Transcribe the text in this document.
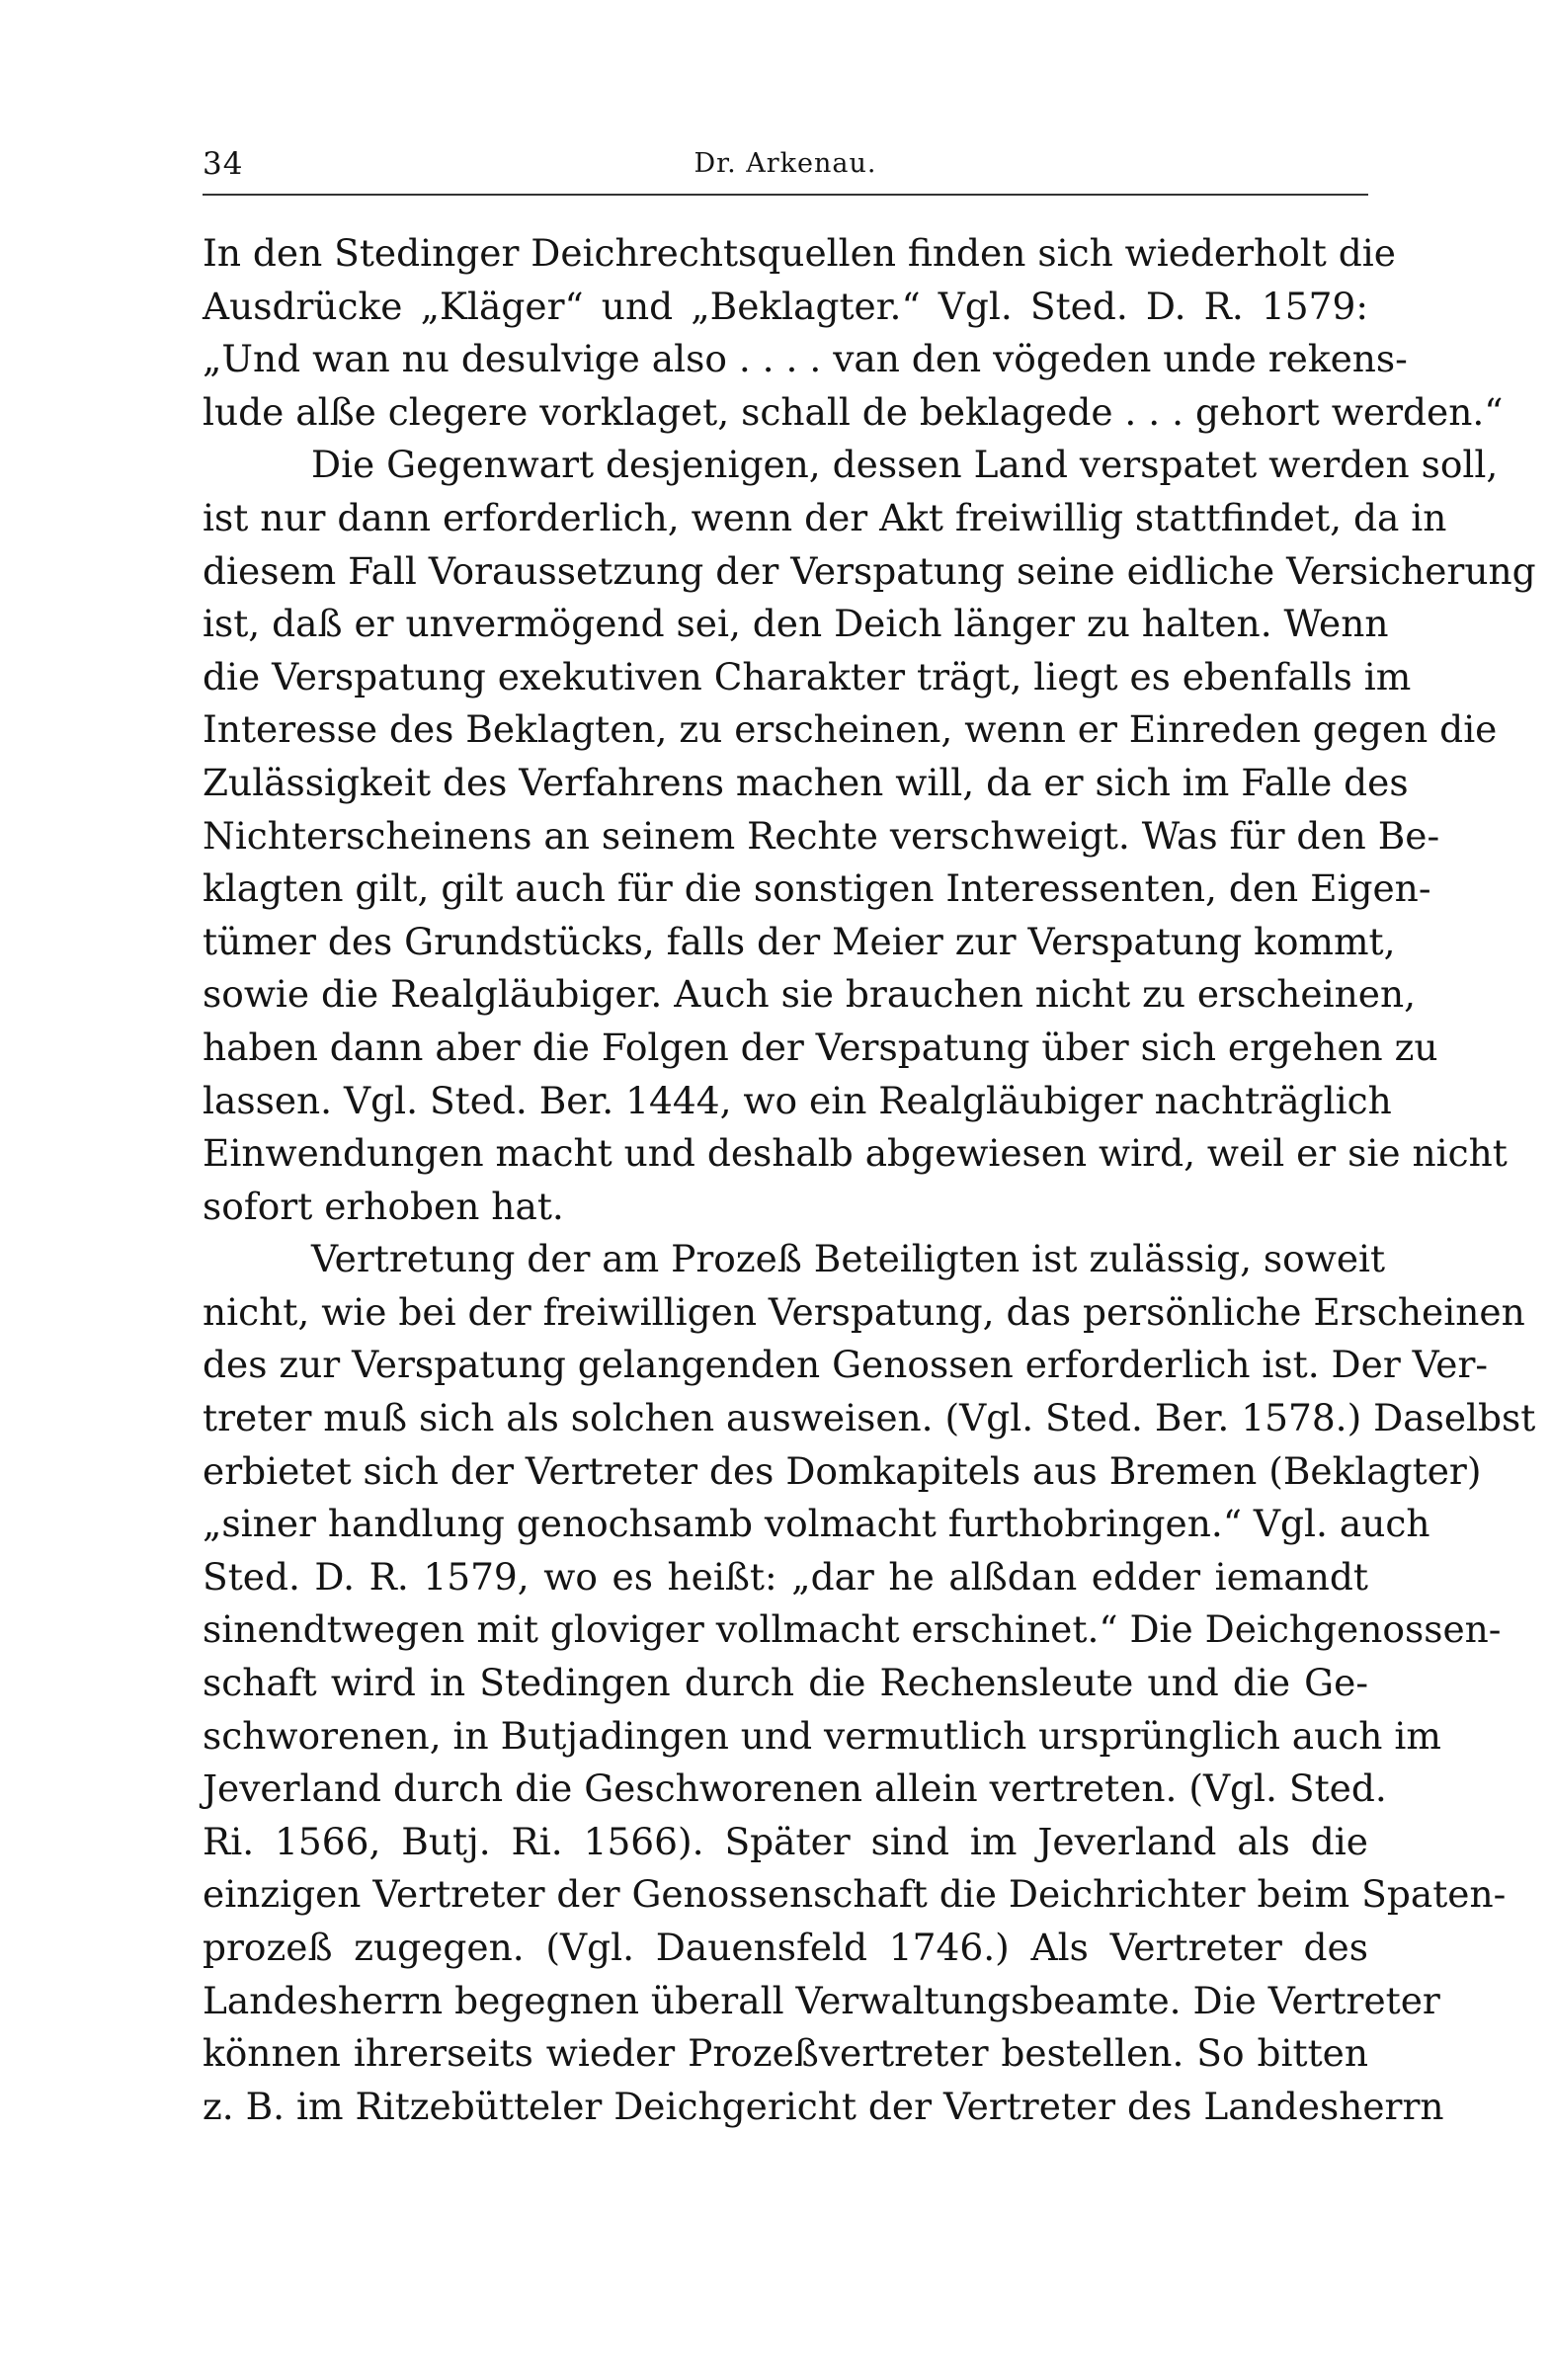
34	Dr. Arkenau.

In den Stedinger Deichrechtsquellen finden sich wiederholt die
Ausdrücke „Kläger“ und „Beklagter.“ Vgl. Sted. D. R. 1579:
„Und wan nu desulvige also . . . . van den vögeden unde rekens-
lude alße clegere vorklaget, schall de beklagede . . . gehort werden.“

Die Gegenwart desjenigen, dessen Land verspatet werden soll,
ist nur dann erforderlich, wenn der Akt freiwillig stattfindet, da in
diesem Fall Voraussetzung der Verspatung seine eidliche Versicherung
ist, daß er unvermögend sei, den Deich länger zu halten. Wenn
die Verspatung exekutiven Charakter trägt, liegt es ebenfalls im
Interesse des Beklagten, zu erscheinen, wenn er Einreden gegen die
Zulässigkeit des Verfahrens machen will, da er sich im Falle des
Nichterscheinens an seinem Rechte verschweigt. Was für den Be-
klagten gilt, gilt auch für die sonstigen Interessenten, den Eigen-
tümer des Grundstücks, falls der Meier zur Verspatung kommt,
sowie die Realgläubiger. Auch sie brauchen nicht zu erscheinen,
haben dann aber die Folgen der Verspatung über sich ergehen zu
lassen. Vgl. Sted. Ber. 1444, wo ein Realgläubiger nachträglich
Einwendungen macht und deshalb abgewiesen wird, weil er sie nicht
sofort erhoben hat.

Vertretung der am Prozeß Beteiligten ist zulässig, soweit
nicht, wie bei der freiwilligen Verspatung, das persönliche Erscheinen
des zur Verspatung gelangenden Genossen erforderlich ist. Der Ver-
treter muß sich als solchen ausweisen. (Vgl. Sted. Ber. 1578.) Daselbst
erbietet sich der Vertreter des Domkapitels aus Bremen (Beklagter)
„siner handlung genochsamb volmacht furthobringen.“ Vgl. auch
Sted. D. R. 1579, wo es heißt: „dar he alßdan edder iemandt
sinendtwegen mit gloviger vollmacht erschinet.“ Die Deichgenossen-
schaft wird in Stedingen durch die Rechensleute und die Ge-
schworenen, in Butjadingen und vermutlich ursprünglich auch im
Jeverland durch die Geschworenen allein vertreten. (Vgl. Sted.
Ri. 1566, Butj. Ri. 1566). Später sind im Jeverland als die
einzigen Vertreter der Genossenschaft die Deichrichter beim Spaten-
prozeß zugegen. (Vgl. Dauensfeld 1746.) Als Vertreter des
Landesherrn begegnen überall Verwaltungsbeamte. Die Vertreter
können ihrerseits wieder Prozeßvertreter bestellen. So bitten
z. B. im Ritzebütteler Deichgericht der Vertreter des Landesherrn
